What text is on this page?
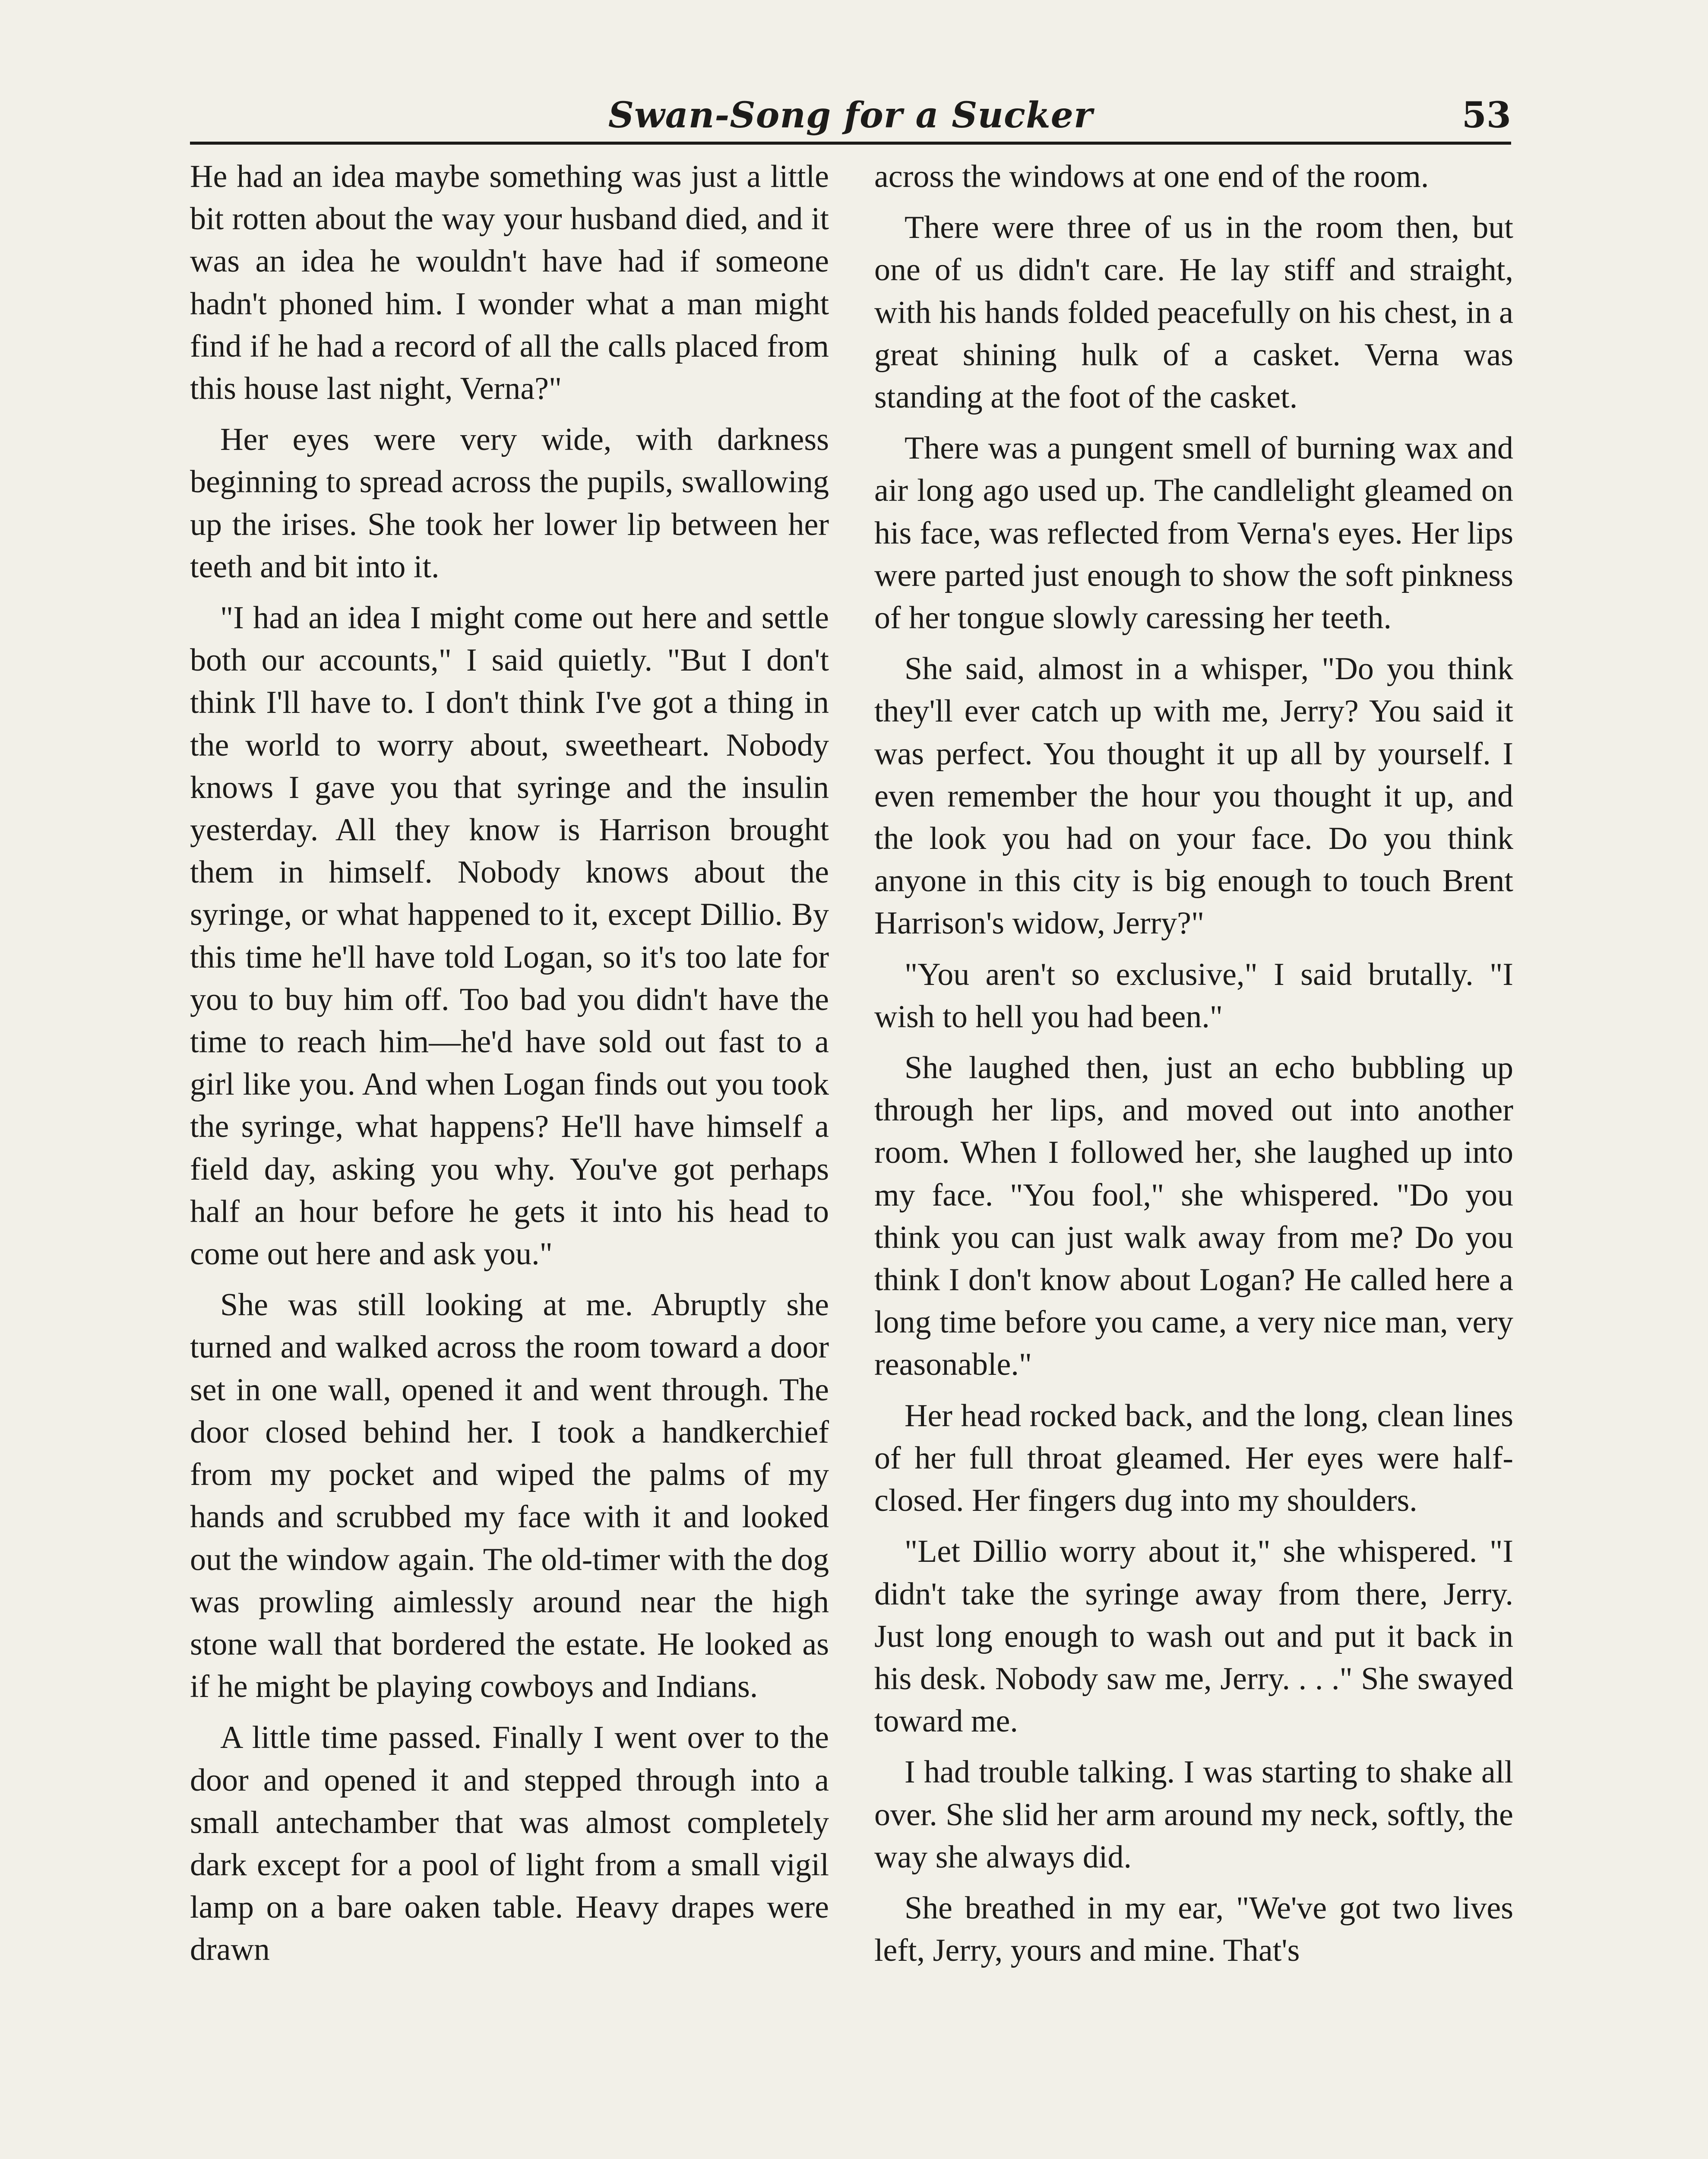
Swan-Song for a Sucker	53

He had an idea maybe something was just a little bit rotten about the way your husband died, and it was an idea he wouldn't have had if someone hadn't phoned him. I wonder what a man might find if he had a record of all the calls placed from this house last night, Verna?"

Her eyes were very wide, with darkness beginning to spread across the pupils, swallowing up the irises. She took her lower lip between her teeth and bit into it.

"I had an idea I might come out here and settle both our accounts," I said quietly. "But I don't think I'll have to. I don't think I've got a thing in the world to worry about, sweetheart. Nobody knows I gave you that syringe and the insulin yesterday. All they know is Harrison brought them in himself. Nobody knows about the syringe, or what happened to it, except Dillio. By this time he'll have told Logan, so it's too late for you to buy him off. Too bad you didn't have the time to reach him—he'd have sold out fast to a girl like you. And when Logan finds out you took the syringe, what happens? He'll have himself a field day, asking you why. You've got perhaps half an hour before he gets it into his head to come out here and ask you."

She was still looking at me. Abruptly she turned and walked across the room toward a door set in one wall, opened it and went through. The door closed behind her. I took a handkerchief from my pocket and wiped the palms of my hands and scrubbed my face with it and looked out the window again. The old-timer with the dog was prowling aimlessly around near the high stone wall that bordered the estate. He looked as if he might be playing cowboys and Indians.

A little time passed. Finally I went over to the door and opened it and stepped through into a small antechamber that was almost completely dark except for a pool of light from a small vigil lamp on a bare oaken table. Heavy drapes were drawn

across the windows at one end of the room.

There were three of us in the room then, but one of us didn't care. He lay stiff and straight, with his hands folded peacefully on his chest, in a great shining hulk of a casket. Verna was standing at the foot of the casket.

There was a pungent smell of burning wax and air long ago used up. The candlelight gleamed on his face, was reflected from Verna's eyes. Her lips were parted just enough to show the soft pinkness of her tongue slowly caressing her teeth.

She said, almost in a whisper, "Do you think they'll ever catch up with me, Jerry? You said it was perfect. You thought it up all by yourself. I even remember the hour you thought it up, and the look you had on your face. Do you think anyone in this city is big enough to touch Brent Harrison's widow, Jerry?"

"You aren't so exclusive," I said brutally. "I wish to hell you had been."

She laughed then, just an echo bubbling up through her lips, and moved out into another room. When I followed her, she laughed up into my face. "You fool," she whispered. "Do you think you can just walk away from me? Do you think I don't know about Logan? He called here a long time before you came, a very nice man, very reasonable."

Her head rocked back, and the long, clean lines of her full throat gleamed. Her eyes were half-closed. Her fingers dug into my shoulders.

"Let Dillio worry about it," she whispered. "I didn't take the syringe away from there, Jerry. Just long enough to wash out and put it back in his desk. Nobody saw me, Jerry. . . ." She swayed toward me.

I had trouble talking. I was starting to shake all over. She slid her arm around my neck, softly, the way she always did.

She breathed in my ear, "We've got two lives left, Jerry, yours and mine. That's
